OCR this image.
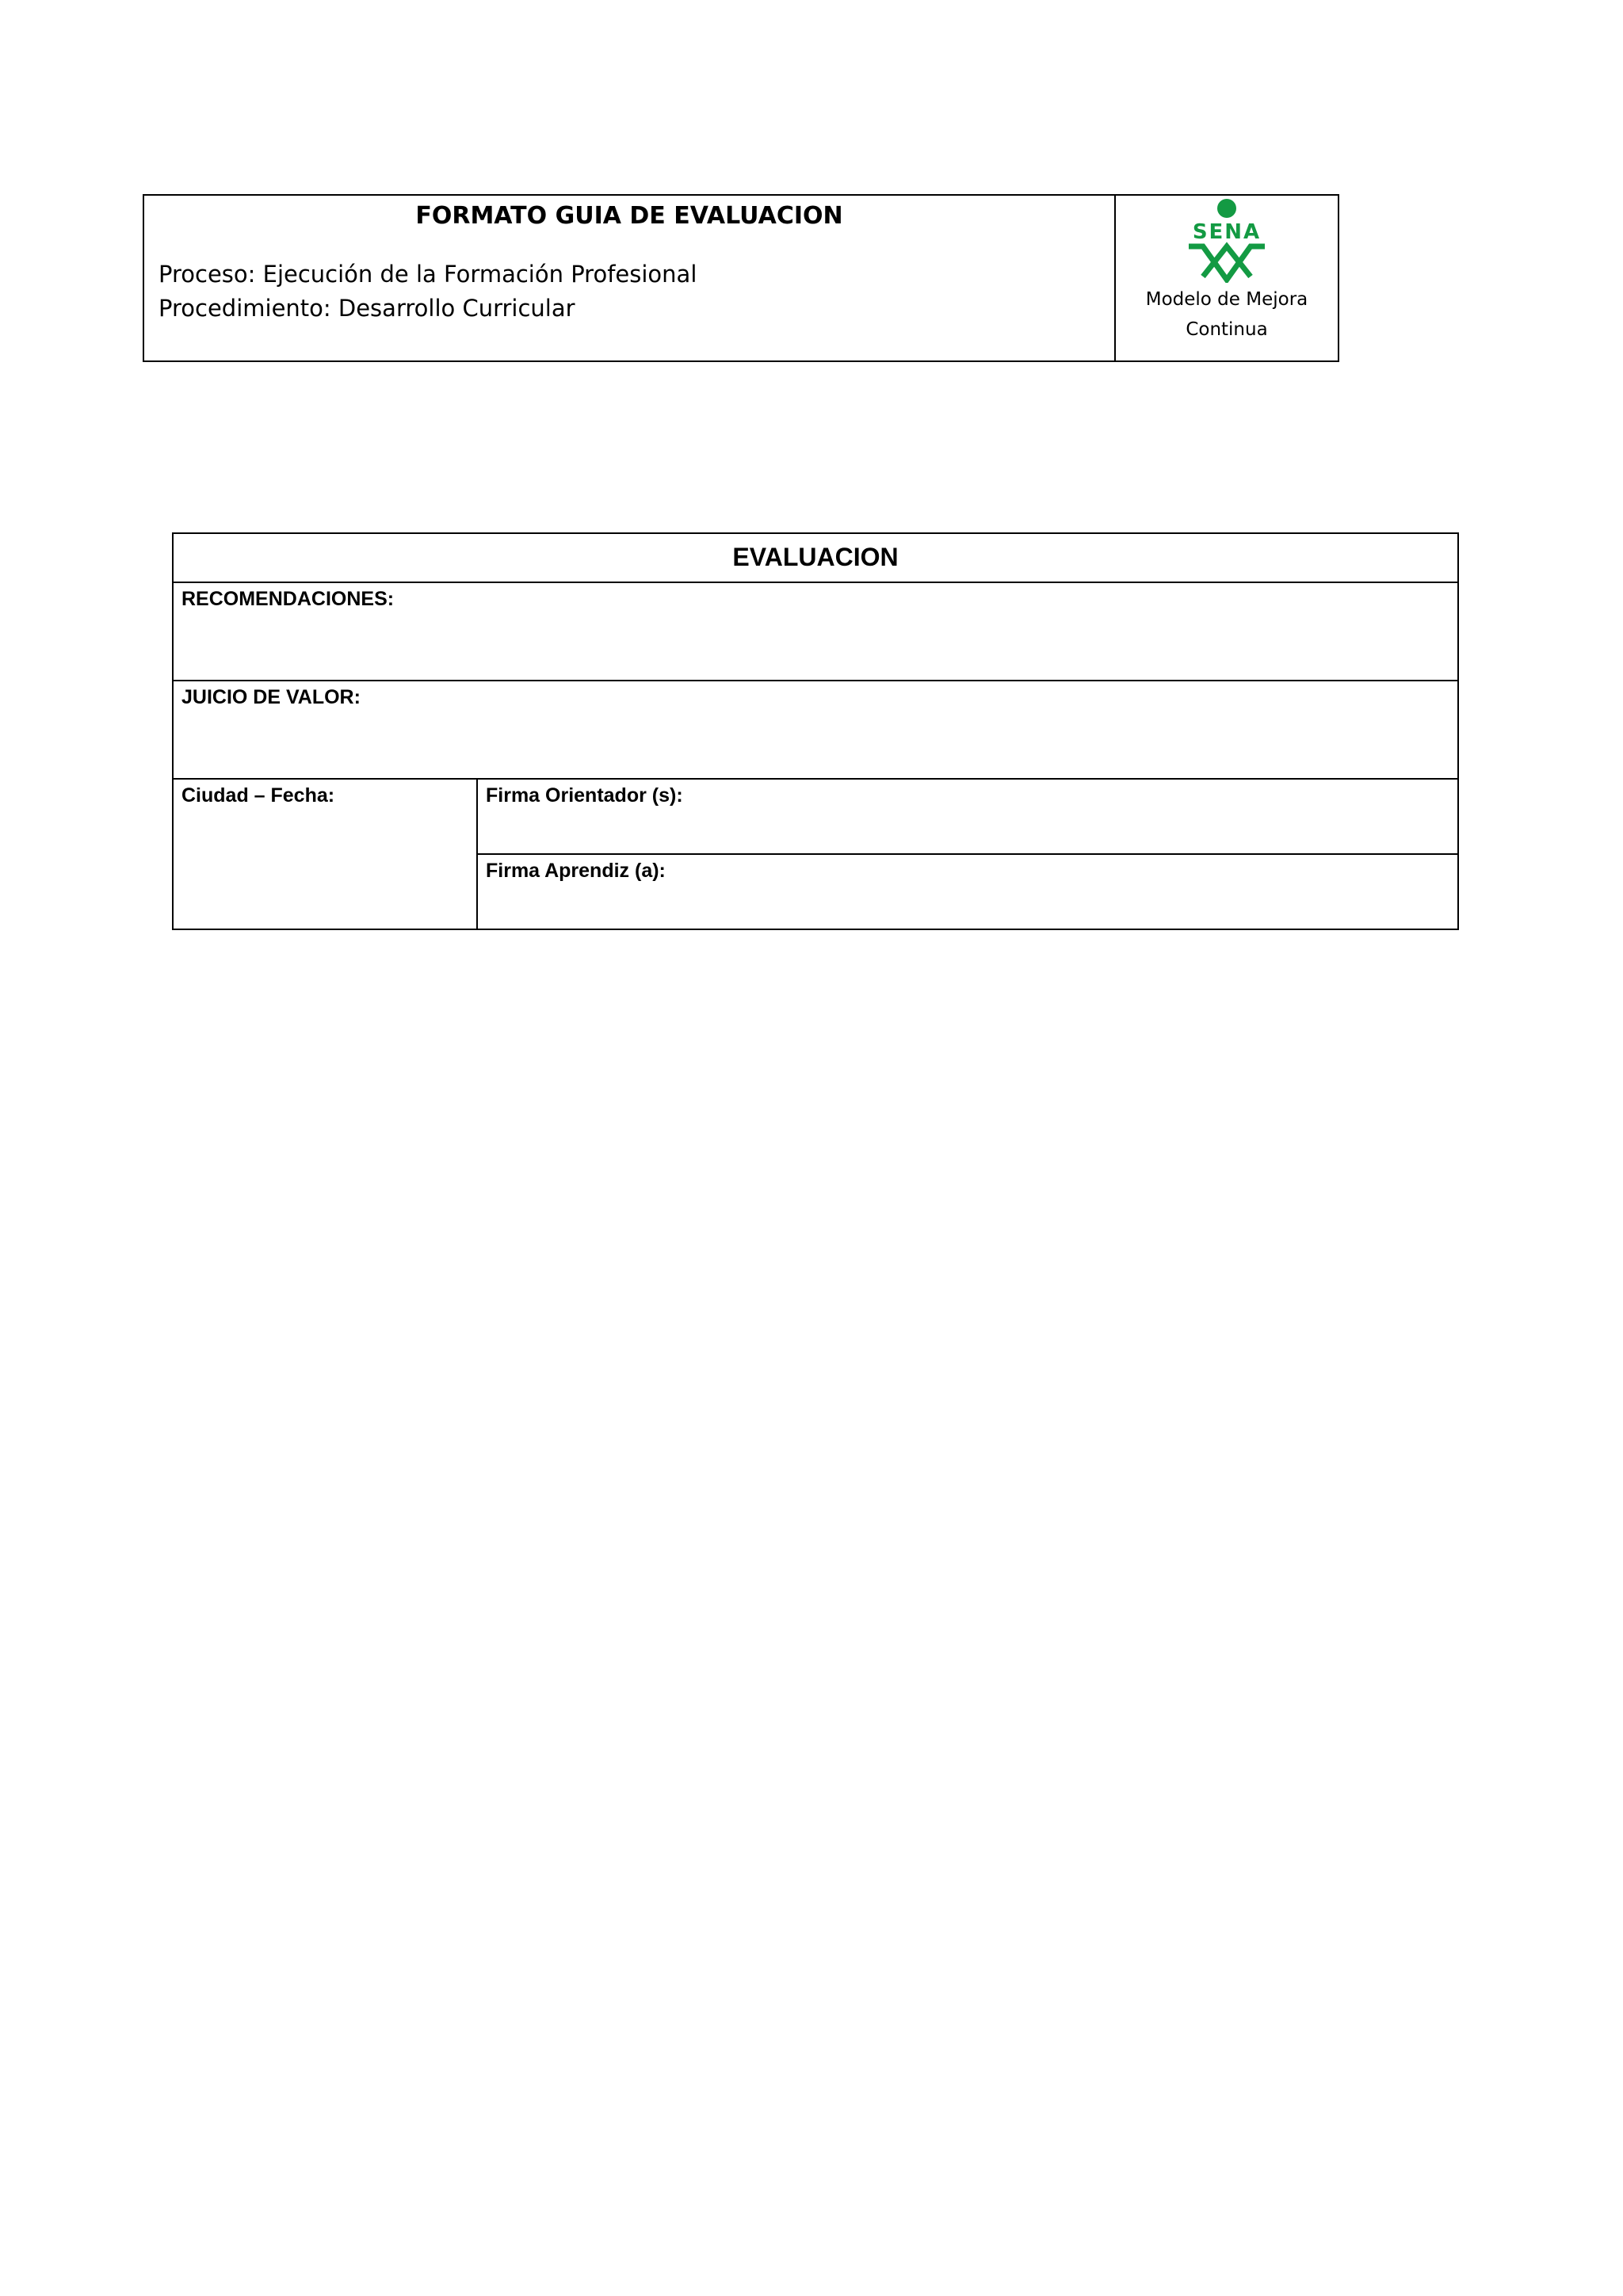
FORMATO GUIA DE EVALUACION
Proceso: Ejecución de la Formación Profesional
Procedimiento: Desarrollo Curricular
SENA
Modelo de Mejora
Continua
EVALUACION
RECOMENDACIONES:
JUICIO DE VALOR:
Ciudad – Fecha:	Firma Orientador (s):
Firma Aprendiz (a):
